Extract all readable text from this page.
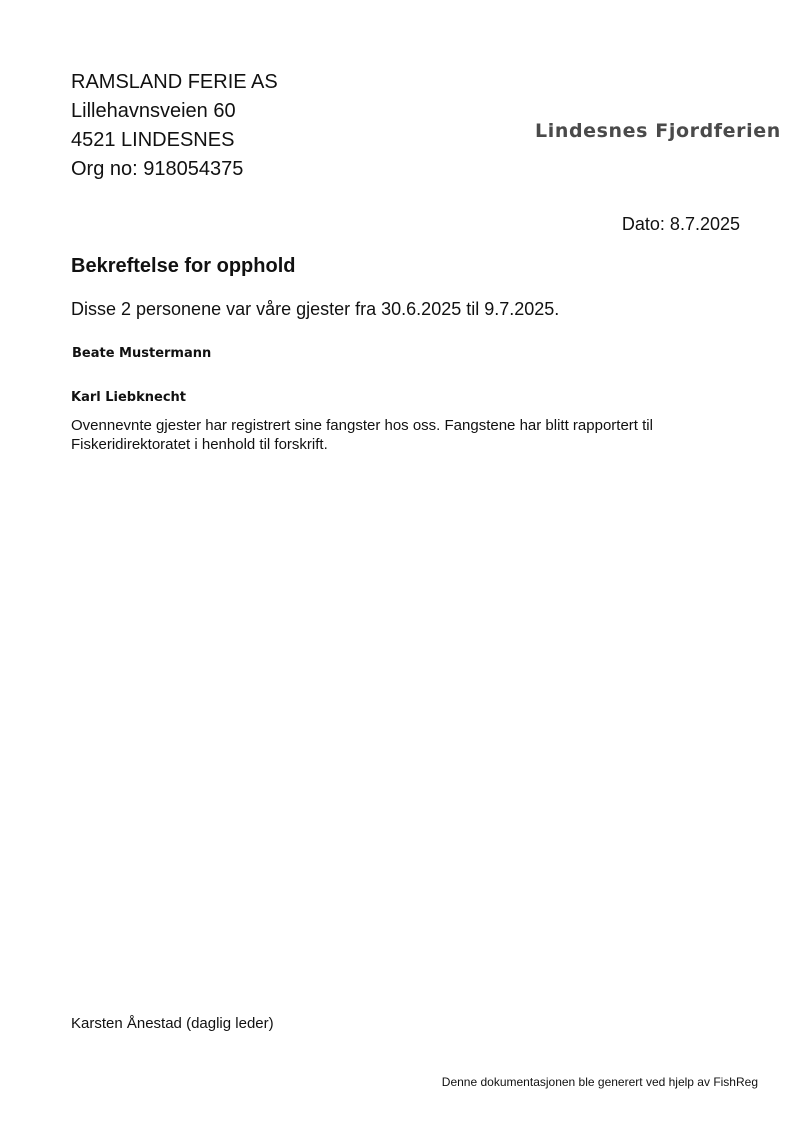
RAMSLAND FERIE AS
Lillehavnsveien 60
4521 LINDESNES
Org no: 918054375
Lindesnes Fjordferien
Dato: 8.7.2025
Bekreftelse for opphold
Disse 2 personene var våre gjester fra 30.6.2025 til 9.7.2025.
Beate Mustermann
Karl Liebknecht
Ovennevnte gjester har registrert sine fangster hos oss. Fangstene har blitt rapportert til Fiskeridirektoratet i henhold til forskrift.
Karsten Ånestad (daglig leder)
Denne dokumentasjonen ble generert ved hjelp av FishReg
